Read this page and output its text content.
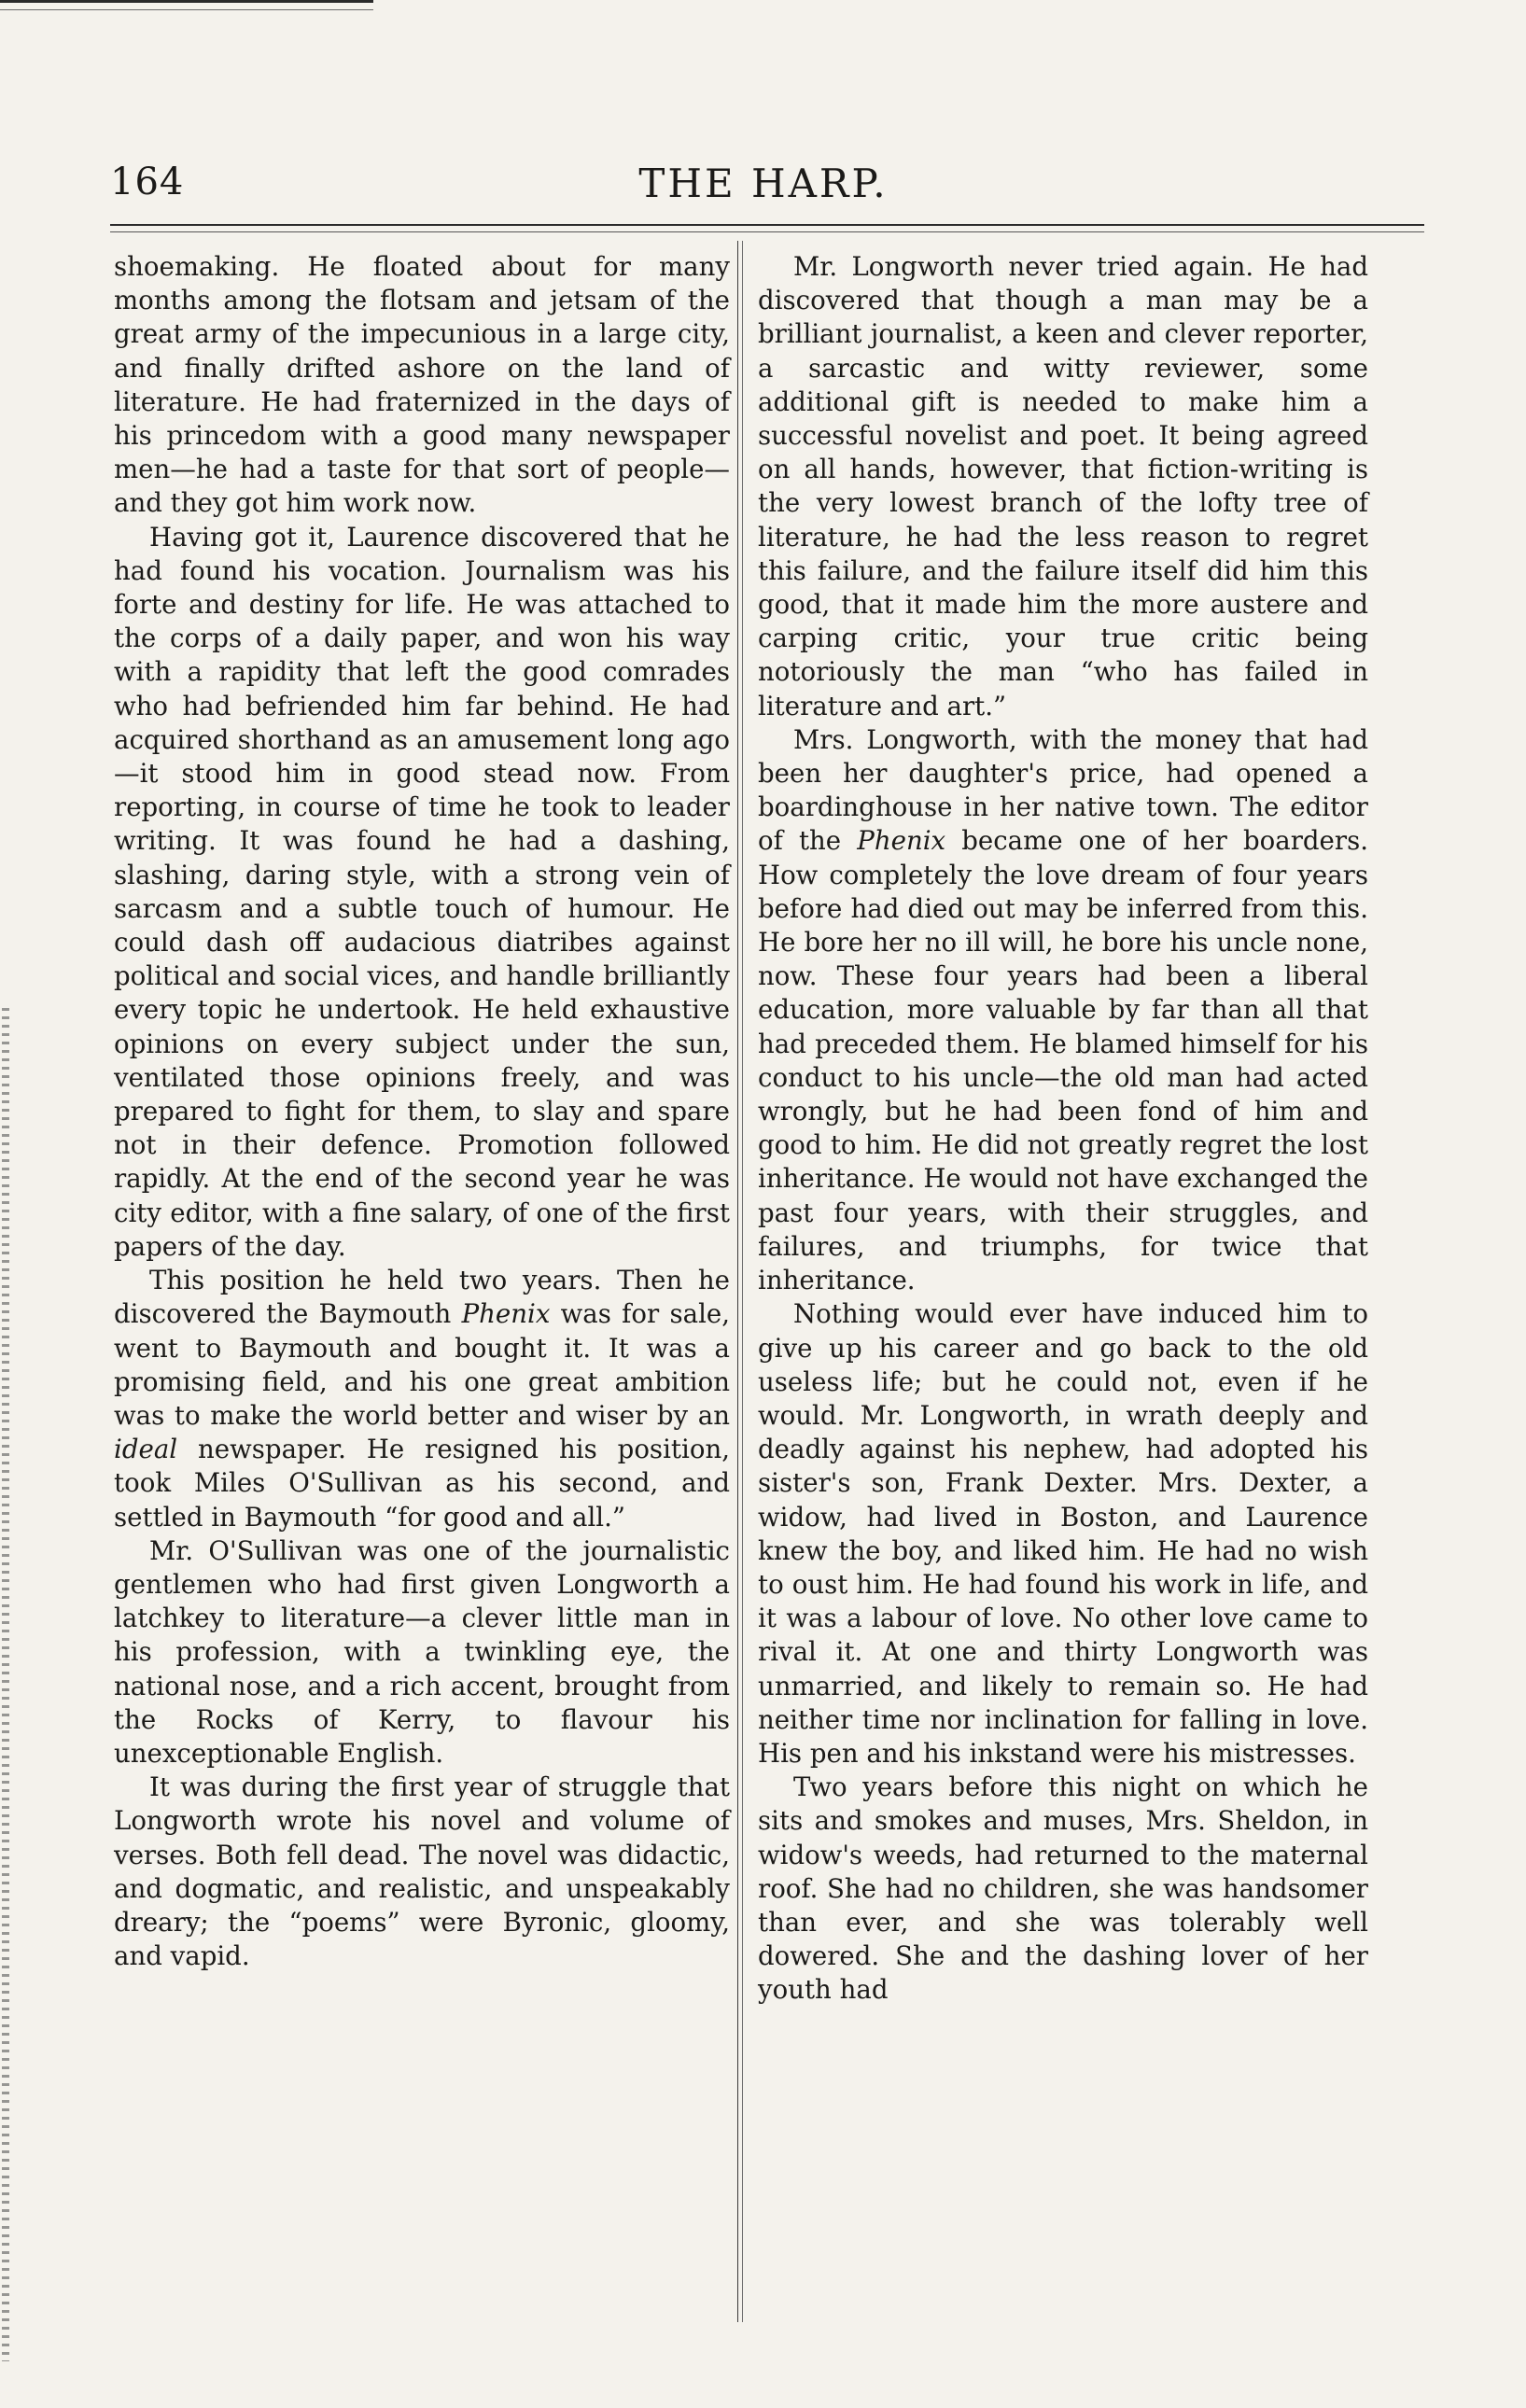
164	THE HARP.

shoemaking. He floated about for many months among the flotsam and jetsam of the great army of the impecunious in a large city, and finally drifted ashore on the land of literature. He had fraternized in the days of his princedom with a good many newspaper men—he had a taste for that sort of people—and they got him work now.

Having got it, Laurence discovered that he had found his vocation. Journalism was his forte and destiny for life. He was attached to the corps of a daily paper, and won his way with a rapidity that left the good comrades who had befriended him far behind. He had acquired shorthand as an amusement long ago—it stood him in good stead now. From reporting, in course of time he took to leader writing. It was found he had a dashing, slashing, daring style, with a strong vein of sarcasm and a subtle touch of humour. He could dash off audacious diatribes against political and social vices, and handle brilliantly every topic he undertook. He held exhaustive opinions on every subject under the sun, ventilated those opinions freely, and was prepared to fight for them, to slay and spare not in their defence. Promotion followed rapidly. At the end of the second year he was city editor, with a fine salary, of one of the first papers of the day.

This position he held two years. Then he discovered the Baymouth Phenix was for sale, went to Baymouth and bought it. It was a promising field, and his one great ambition was to make the world better and wiser by an ideal newspaper. He resigned his position, took Miles O'Sullivan as his second, and settled in Baymouth “for good and all.”

Mr. O'Sullivan was one of the journalistic gentlemen who had first given Longworth a latchkey to literature—a clever little man in his profession, with a twinkling eye, the national nose, and a rich accent, brought from the Rocks of Kerry, to flavour his unexceptionable English.

It was during the first year of struggle that Longworth wrote his novel and volume of verses. Both fell dead. The novel was didactic, and dogmatic, and realistic, and unspeakably dreary; the “poems” were Byronic, gloomy, and vapid.

Mr. Longworth never tried again. He had discovered that though a man may be a brilliant journalist, a keen and clever reporter, a sarcastic and witty reviewer, some additional gift is needed to make him a successful novelist and poet. It being agreed on all hands, however, that fiction-writing is the very lowest branch of the lofty tree of literature, he had the less reason to regret this failure, and the failure itself did him this good, that it made him the more austere and carping critic, your true critic being notoriously the man “who has failed in literature and art.”

Mrs. Longworth, with the money that had been her daughter's price, had opened a boardinghouse in her native town. The editor of the Phenix became one of her boarders. How completely the love dream of four years before had died out may be inferred from this. He bore her no ill will, he bore his uncle none, now. These four years had been a liberal education, more valuable by far than all that had preceded them. He blamed himself for his conduct to his uncle—the old man had acted wrongly, but he had been fond of him and good to him. He did not greatly regret the lost inheritance. He would not have exchanged the past four years, with their struggles, and failures, and triumphs, for twice that inheritance.

Nothing would ever have induced him to give up his career and go back to the old useless life; but he could not, even if he would. Mr. Longworth, in wrath deeply and deadly against his nephew, had adopted his sister's son, Frank Dexter. Mrs. Dexter, a widow, had lived in Boston, and Laurence knew the boy, and liked him. He had no wish to oust him. He had found his work in life, and it was a labour of love. No other love came to rival it. At one and thirty Longworth was unmarried, and likely to remain so. He had neither time nor inclination for falling in love. His pen and his inkstand were his mistresses.

Two years before this night on which he sits and smokes and muses, Mrs. Sheldon, in widow's weeds, had returned to the maternal roof. She had no children, she was handsomer than ever, and she was tolerably well dowered. She and the dashing lover of her youth had
